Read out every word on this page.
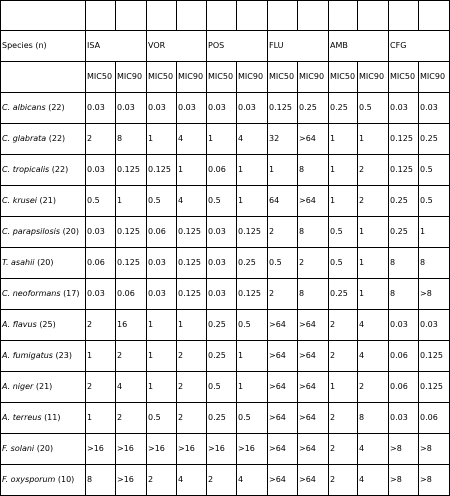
Species (n)	ISA		VOR		POS		FLU		AMB		CFG	
	MIC50	MIC90	MIC50	MIC90	MIC50	MIC90	MIC50	MIC90	MIC50	MIC90	MIC50	MIC90
C. albicans (22)	0.03	0.03	0.03	0.03	0.03	0.03	0.125	0.25	0.25	0.5	0.03	0.03
C. glabrata (22)	2	8	1	4	1	4	32	>64	1	1	0.125	0.25
C. tropicalis (22)	0.03	0.125	0.125	1	0.06	1	1	8	1	2	0.125	0.5
C. krusei (21)	0.5	1	0.5	4	0.5	1	64	>64	1	2	0.25	0.5
C. parapsilosis (20)	0.03	0.125	0.06	0.125	0.03	0.125	2	8	0.5	1	0.25	1
T. asahii (20)	0.06	0.125	0.03	0.125	0.03	0.25	0.5	2	0.5	1	8	8
C. neoformans (17)	0.03	0.06	0.03	0.125	0.03	0.125	2	8	0.25	1	8	>8
A. flavus (25)	2	16	1	1	0.25	0.5	>64	>64	2	4	0.03	0.03
A. fumigatus (23)	1	2	1	2	0.25	1	>64	>64	2	4	0.06	0.125
A. niger (21)	2	4	1	2	0.5	1	>64	>64	1	2	0.06	0.125
A. terreus (11)	1	2	0.5	2	0.25	0.5	>64	>64	2	8	0.03	0.06
F. solani (20)	>16	>16	>16	>16	>16	>16	>64	>64	2	4	>8	>8
F. oxysporum (10)	8	>16	2	4	2	4	>64	>64	2	4	>8	>8
